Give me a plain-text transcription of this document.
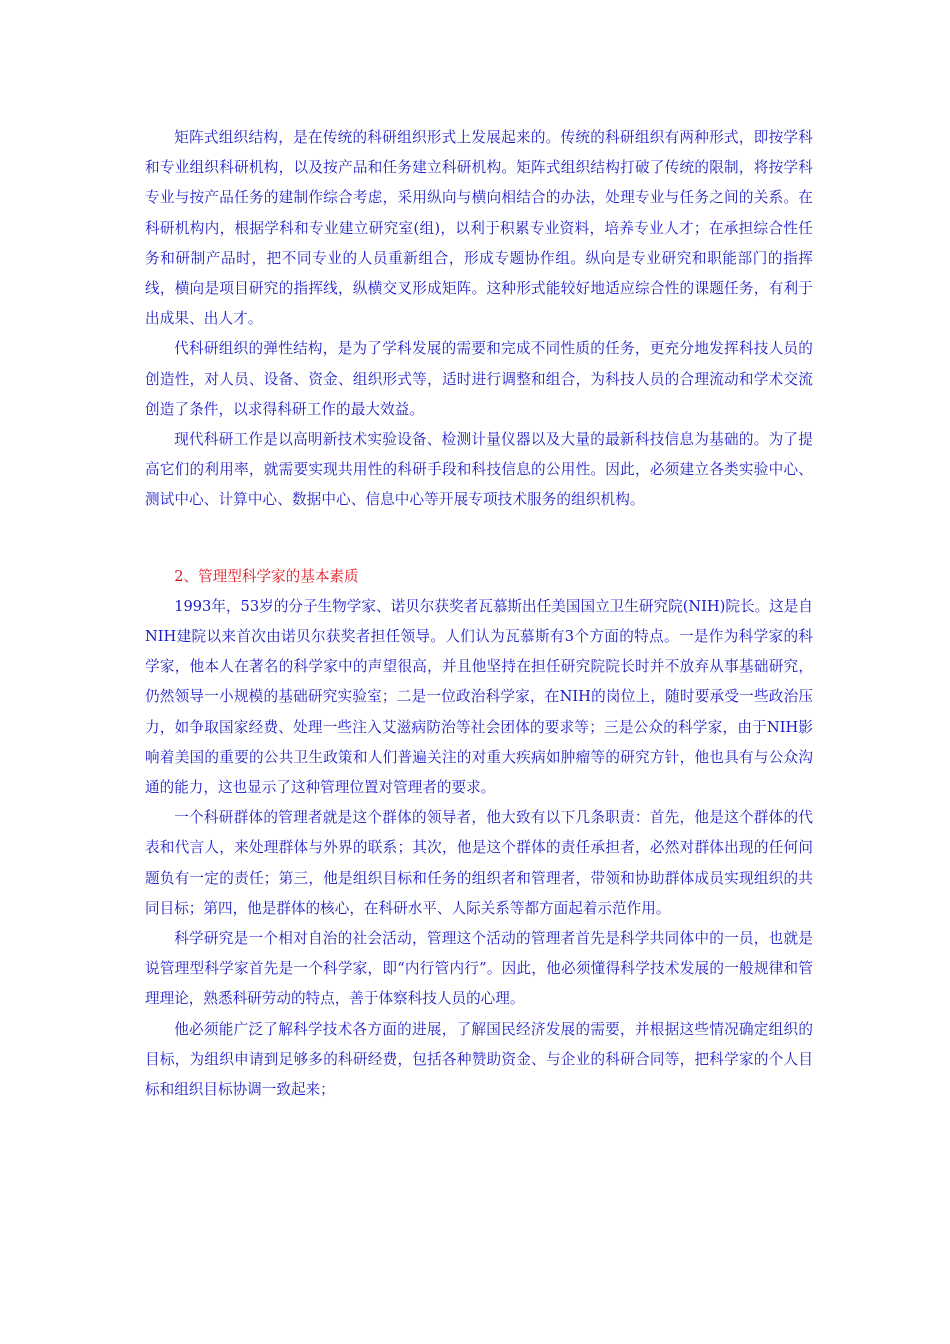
矩阵式组织结构，是在传统的科研组织形式上发展起来的。传统的科研组织有两种形式，即按学科和专业组织科研机构，以及按产品和任务建立科研机构。矩阵式组织结构打破了传统的限制，将按学科专业与按产品任务的建制作综合考虑，采用纵向与横向相结合的办法，处理专业与任务之间的关系。在科研机构内，根据学科和专业建立研究室(组)，以利于积累专业资料，培养专业人才；在承担综合性任务和研制产品时，把不同专业的人员重新组合，形成专题协作组。纵向是专业研究和职能部门的指挥线，横向是项目研究的指挥线，纵横交叉形成矩阵。这种形式能较好地适应综合性的课题任务，有利于出成果、出人才。

代科研组织的弹性结构，是为了学科发展的需要和完成不同性质的任务，更充分地发挥科技人员的创造性，对人员、设备、资金、组织形式等，适时进行调整和组合，为科技人员的合理流动和学术交流创造了条件，以求得科研工作的最大效益。

现代科研工作是以高明新技术实验设备、检测计量仪器以及大量的最新科技信息为基础的。为了提高它们的利用率，就需要实现共用性的科研手段和科技信息的公用性。因此，必须建立各类实验中心、测试中心、计算中心、数据中心、信息中心等开展专项技术服务的组织机构。

2、管理型科学家的基本素质

1993年，53岁的分子生物学家、诺贝尔获奖者瓦慕斯出任美国国立卫生研究院(NIH)院长。这是自NIH建院以来首次由诺贝尔获奖者担任领导。人们认为瓦慕斯有3个方面的特点。一是作为科学家的科学家，他本人在著名的科学家中的声望很高，并且他坚持在担任研究院院长时并不放弃从事基础研究，仍然领导一小规模的基础研究实验室；二是一位政治科学家，在NIH的岗位上，随时要承受一些政治压力，如争取国家经费、处理一些注入艾滋病防治等社会团体的要求等；三是公众的科学家，由于NIH影响着美国的重要的公共卫生政策和人们普遍关注的对重大疾病如肿瘤等的研究方针，他也具有与公众沟通的能力，这也显示了这种管理位置对管理者的要求。

一个科研群体的管理者就是这个群体的领导者，他大致有以下几条职责：首先，他是这个群体的代表和代言人，来处理群体与外界的联系；其次，他是这个群体的责任承担者，必然对群体出现的任何问题负有一定的责任；第三，他是组织目标和任务的组织者和管理者，带领和协助群体成员实现组织的共同目标；第四，他是群体的核心，在科研水平、人际关系等都方面起着示范作用。

科学研究是一个相对自治的社会活动，管理这个活动的管理者首先是科学共同体中的一员，也就是说管理型科学家首先是一个科学家，即“内行管内行”。因此，他必须懂得科学技术发展的一般规律和管理理论，熟悉科研劳动的特点，善于体察科技人员的心理。

他必须能广泛了解科学技术各方面的进展，了解国民经济发展的需要，并根据这些情况确定组织的目标，为组织申请到足够多的科研经费，包括各种赞助资金、与企业的科研合同等，把科学家的个人目标和组织目标协调一致起来；
